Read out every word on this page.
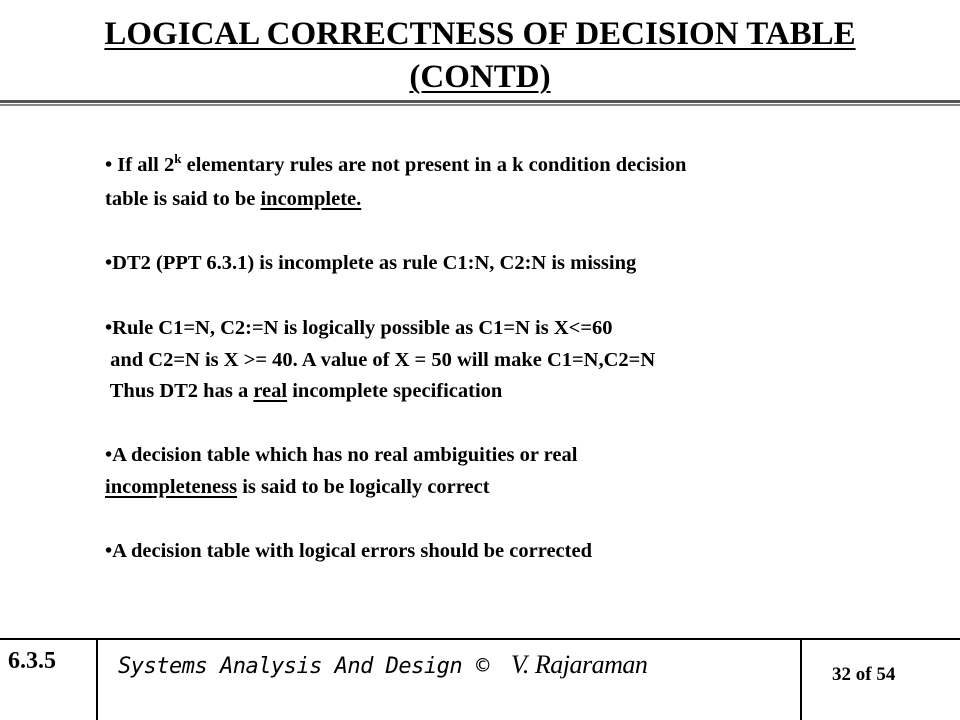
LOGICAL CORRECTNESS OF DECISION TABLE
(CONTD)
• If all 2$^k$ elementary rules are not present in a k condition decision
table is said to be incomplete.
•DT2 (PPT 6.3.1) is incomplete as rule C1:N, C2:N is missing
•Rule C1=N, C2:=N is logically possible as C1=N is X<=60
and C2=N is X >= 40. A value of X = 50 will make C1=N,C2=N
Thus DT2 has a real incomplete specification
•A decision table which has no real ambiguities or real
incompleteness is said to be logically correct
•A decision table with logical errors should be corrected
6.3.5	Systems Analysis And Design © V. Rajaraman	32 of 54
